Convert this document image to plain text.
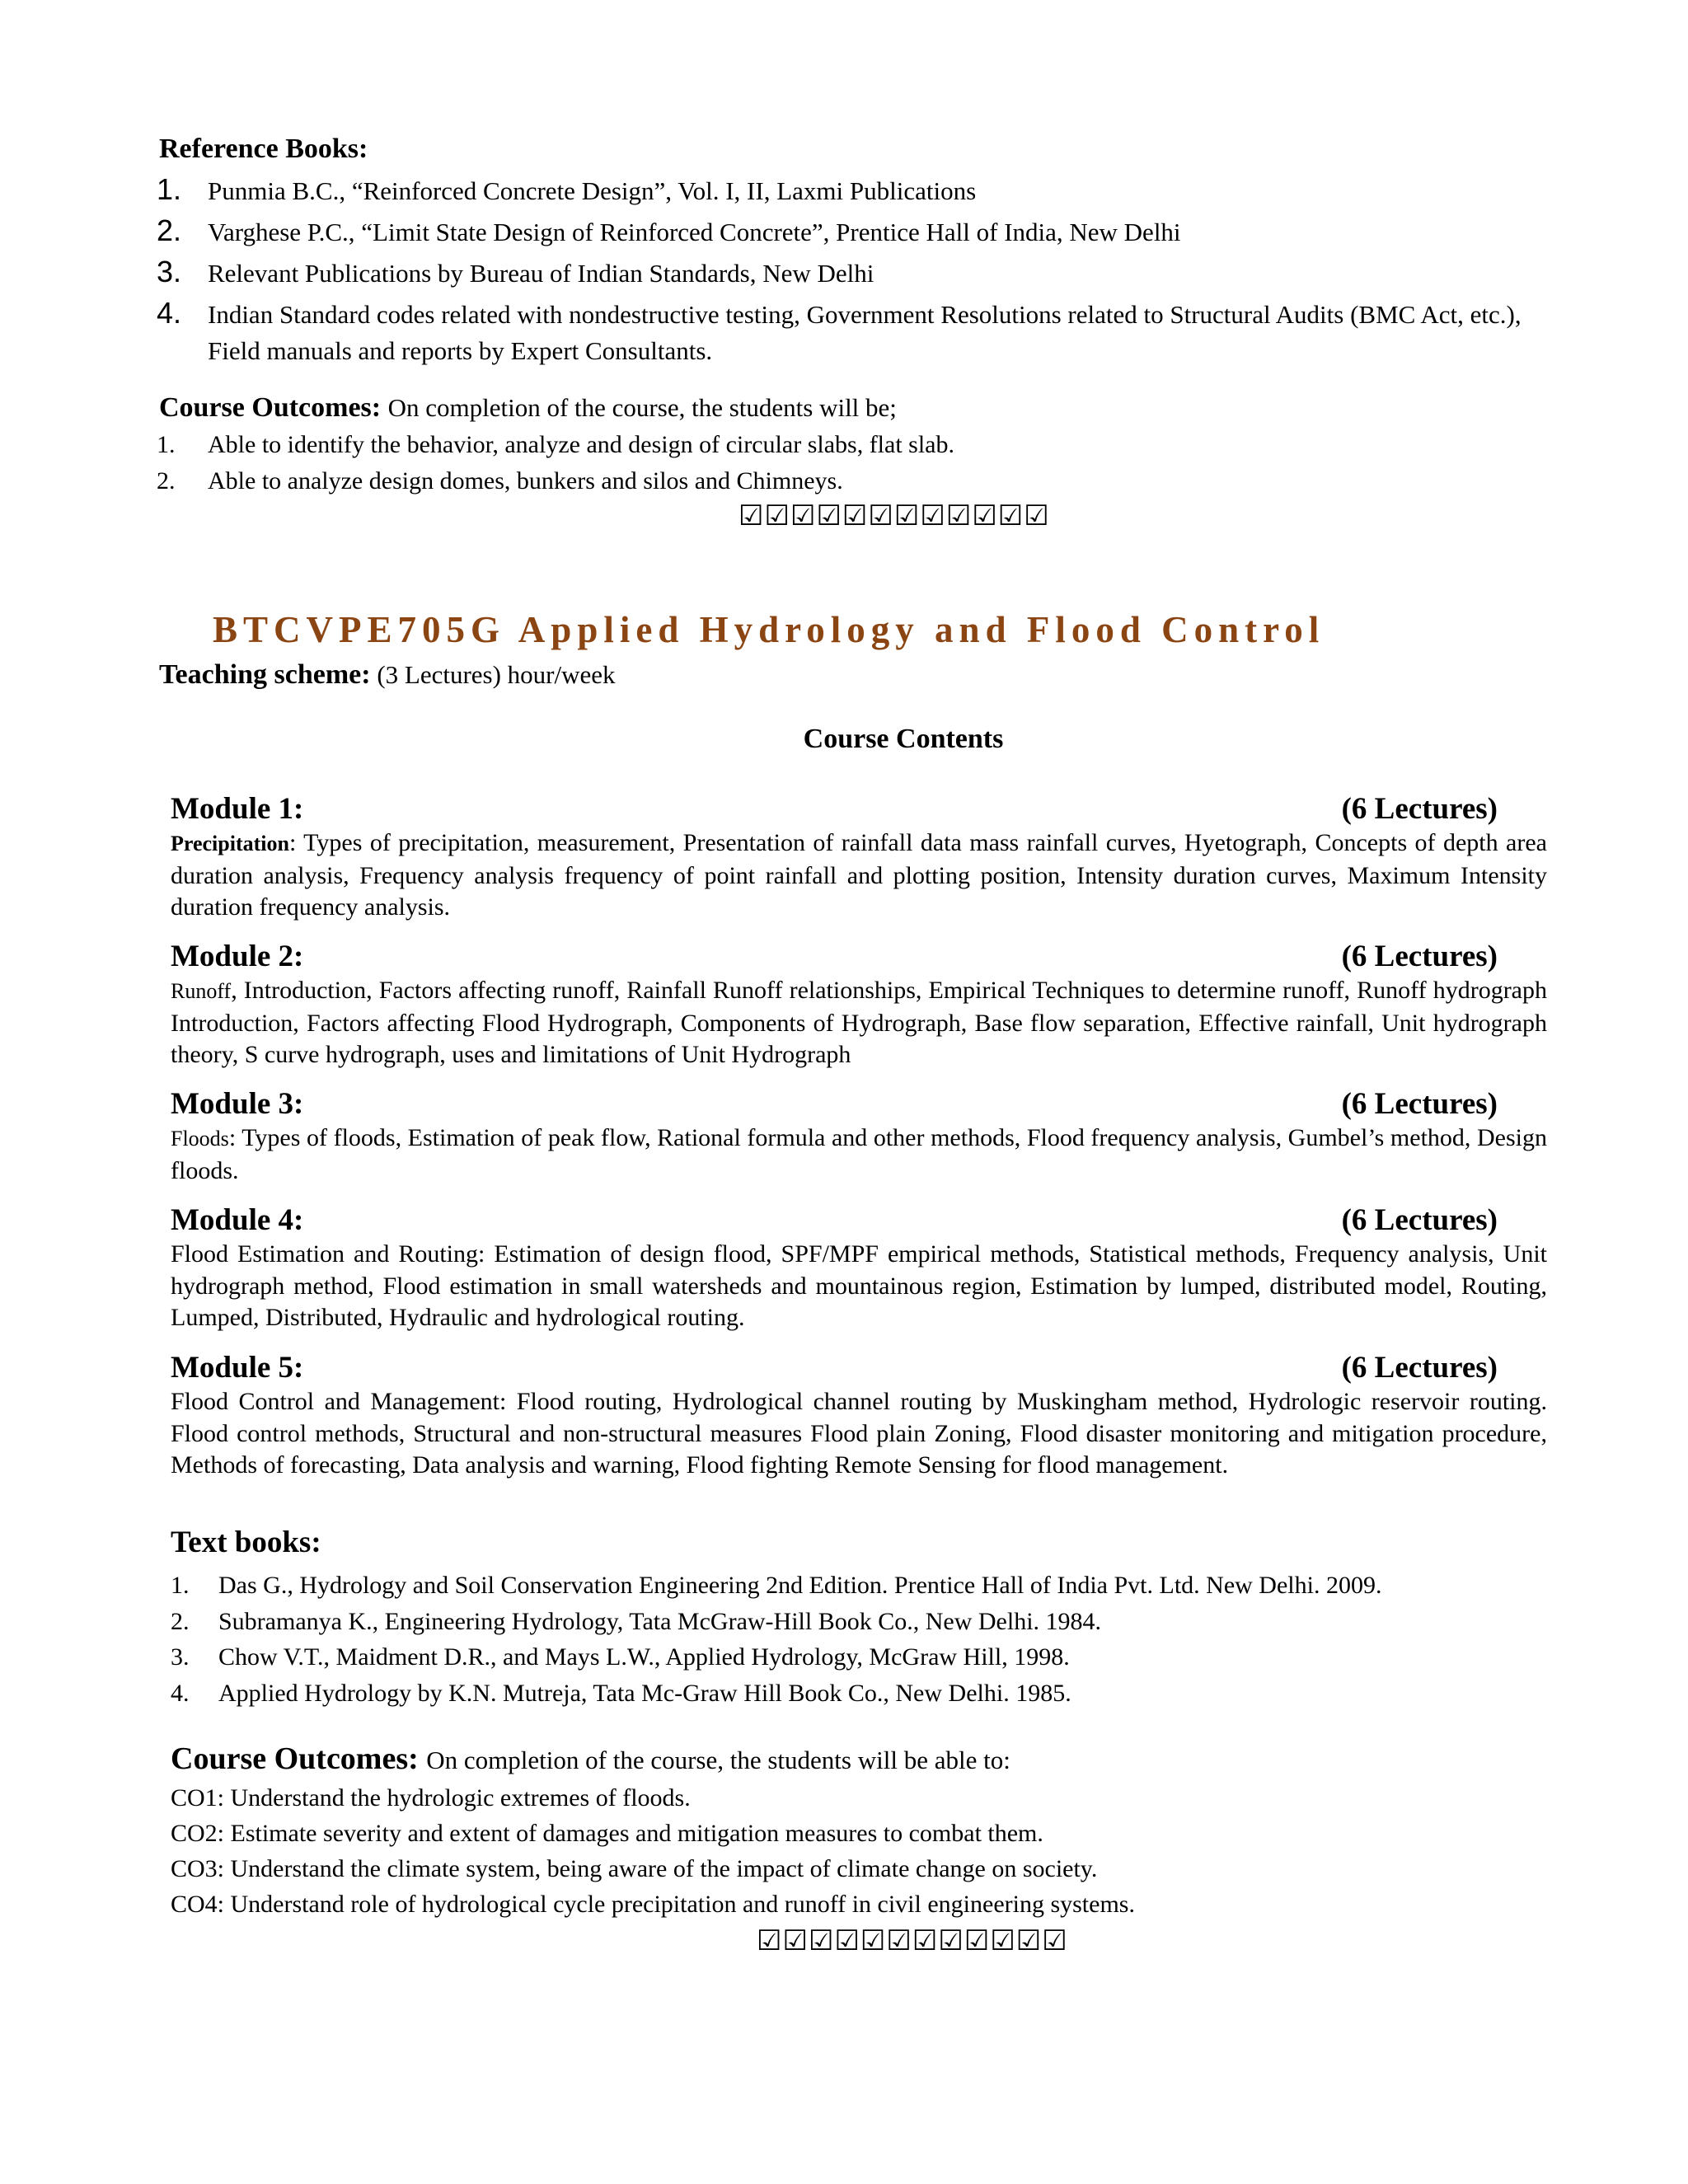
Reference Books:
1. Punmia B.C., “Reinforced Concrete Design”, Vol. I, II, Laxmi Publications
2. Varghese P.C., “Limit State Design of Reinforced Concrete”, Prentice Hall of India, New Delhi
3. Relevant Publications by Bureau of Indian Standards, New Delhi
4. Indian Standard codes related with nondestructive testing, Government Resolutions related to Structural Audits (BMC Act, etc.), Field manuals and reports by Expert Consultants.
Course Outcomes: On completion of the course, the students will be;
1. Able to identify the behavior, analyze and design of circular slabs, flat slab.
2. Able to analyze design domes, bunkers and silos and Chimneys.
☑☑☑☑☑☑☑☑☑☑☑☑
BTCVPE705G Applied Hydrology and Flood Control
Teaching scheme: (3 Lectures) hour/week
Course Contents
Module 1:	(6 Lectures)
Precipitation: Types of precipitation, measurement, Presentation of rainfall data mass rainfall curves, Hyetograph, Concepts of depth area duration analysis, Frequency analysis frequency of point rainfall and plotting position, Intensity duration curves, Maximum Intensity duration frequency analysis.
Module 2:	(6 Lectures)
Runoff, Introduction, Factors affecting runoff, Rainfall Runoff relationships, Empirical Techniques to determine runoff, Runoff hydrograph Introduction, Factors affecting Flood Hydrograph, Components of Hydrograph, Base flow separation, Effective rainfall, Unit hydrograph theory, S curve hydrograph, uses and limitations of Unit Hydrograph
Module 3:	(6 Lectures)
Floods: Types of floods, Estimation of peak flow, Rational formula and other methods, Flood frequency analysis, Gumbel’s method, Design floods.
Module 4:	(6 Lectures)
Flood Estimation and Routing: Estimation of design flood, SPF/MPF empirical methods, Statistical methods, Frequency analysis, Unit hydrograph method, Flood estimation in small watersheds and mountainous region, Estimation by lumped, distributed model, Routing, Lumped, Distributed, Hydraulic and hydrological routing.
Module 5:	(6 Lectures)
Flood Control and Management: Flood routing, Hydrological channel routing by Muskingham method, Hydrologic reservoir routing. Flood control methods, Structural and non-structural measures Flood plain Zoning, Flood disaster monitoring and mitigation procedure, Methods of forecasting, Data analysis and warning, Flood fighting Remote Sensing for flood management.
Text books:
1. Das G., Hydrology and Soil Conservation Engineering 2nd Edition. Prentice Hall of India Pvt. Ltd. New Delhi. 2009.
2. Subramanya K., Engineering Hydrology, Tata McGraw-Hill Book Co., New Delhi. 1984.
3. Chow V.T., Maidment D.R., and Mays L.W., Applied Hydrology, McGraw Hill, 1998.
4. Applied Hydrology by K.N. Mutreja, Tata Mc-Graw Hill Book Co., New Delhi. 1985.
Course Outcomes: On completion of the course, the students will be able to:
CO1: Understand the hydrologic extremes of floods.
CO2: Estimate severity and extent of damages and mitigation measures to combat them.
CO3: Understand the climate system, being aware of the impact of climate change on society.
CO4: Understand role of hydrological cycle precipitation and runoff in civil engineering systems.
☑☑☑☑☑☑☑☑☑☑☑☑
